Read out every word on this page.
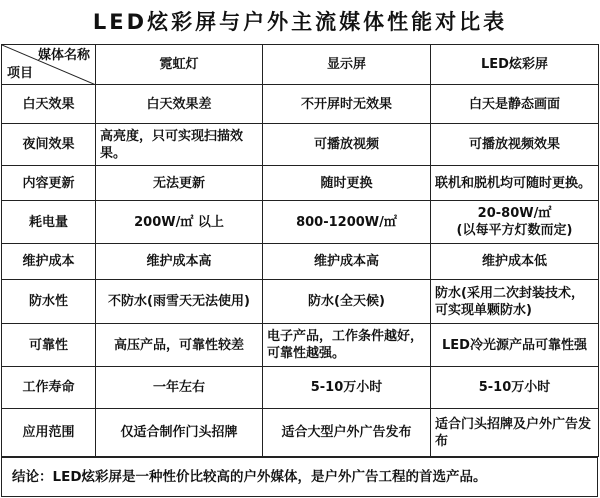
LED炫彩屏与户外主流媒体性能对比表
媒体名称
项目	霓虹灯	显示屏	LED炫彩屏
白天效果	白天效果差	不开屏时无效果	白天是静态画面
夜间效果	高亮度，只可实现扫描效果。	可播放视频	可播放视频效果
内容更新	无法更新	随时更换	联机和脱机均可随时更换。
耗电量	200W/㎡ 以上	800-1200W/㎡	20-80W/㎡
(以每平方灯数而定)
维护成本	维护成本高	维护成本高	维护成本低
防水性	不防水(雨雪天无法使用)	防水(全天候)	防水(采用二次封装技术，可实现单颗防水)
可靠性	高压产品，可靠性较差	电子产品，工作条件越好，可靠性越强。	LED冷光源产品可靠性强
工作寿命	一年左右	5-10万小时	5-10万小时
应用范围	仅适合制作门头招牌	适合大型户外广告发布	适合门头招牌及户外广告发布
结论：LED炫彩屏是一种性价比较高的户外媒体，是户外广告工程的首选产品。
